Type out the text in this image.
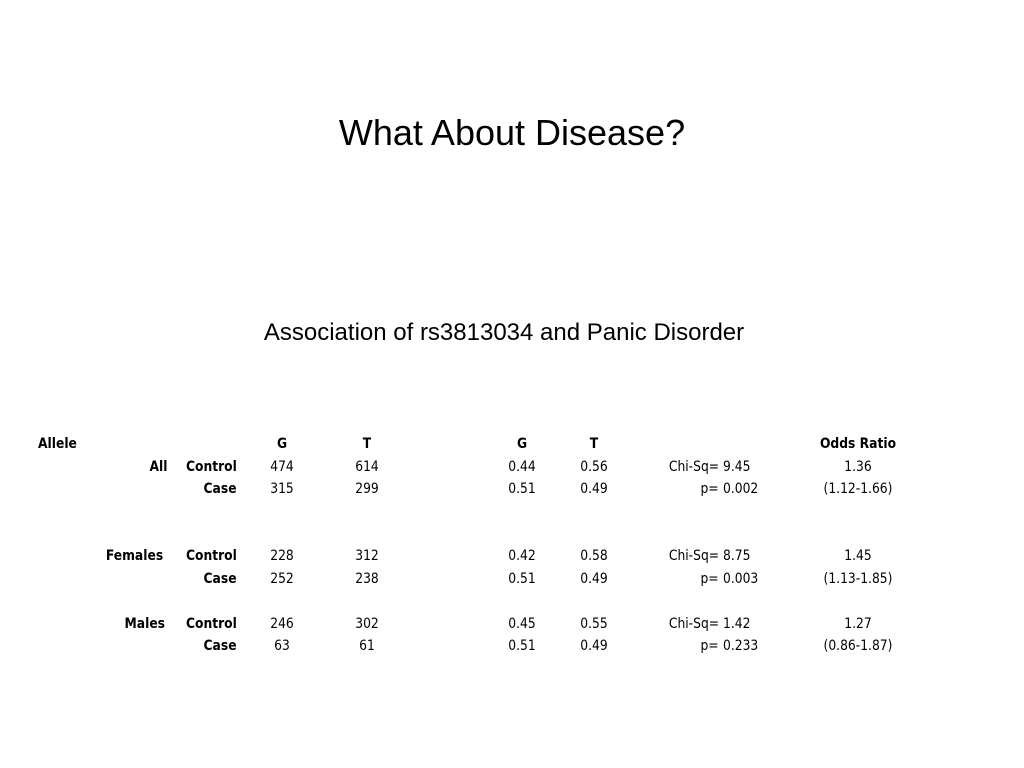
What About Disease?
Association of rs3813034 and Panic Disorder
Allele	G	T	G	T	Odds Ratio
All Control	474	614	0.44	0.56	Chi-Sq= 9.45	1.36
Case	315	299	0.51	0.49	p= 0.002	(1.12-1.66)
Females Control	228	312	0.42	0.58	Chi-Sq= 8.75	1.45
Case	252	238	0.51	0.49	p= 0.003	(1.13-1.85)
Males Control	246	302	0.45	0.55	Chi-Sq= 1.42	1.27
Case	63	61	0.51	0.49	p= 0.233	(0.86-1.87)
